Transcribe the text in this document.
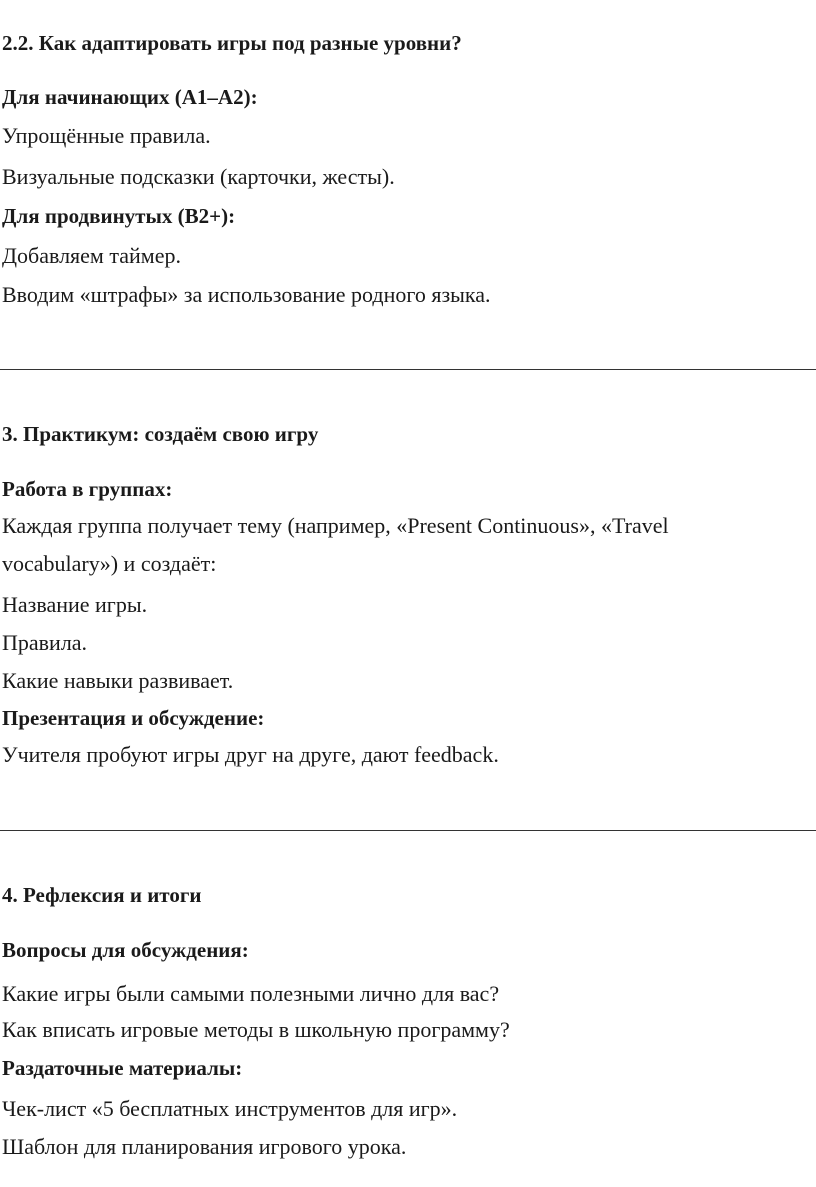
2.2. Как адаптировать игры под разные уровни?
Для начинающих (A1–A2):
Упрощённые правила.
Визуальные подсказки (карточки, жесты).
Для продвинутых (B2+):
Добавляем таймер.
Вводим «штрафы» за использование родного языка.
3. Практикум: создаём свою игру
Работа в группах:
Каждая группа получает тему (например, «Present Continuous», «Travel
vocabulary») и создаёт:
Название игры.
Правила.
Какие навыки развивает.
Презентация и обсуждение:
Учителя пробуют игры друг на друге, дают feedback.
4. Рефлексия и итоги
Вопросы для обсуждения:
Какие игры были самыми полезными лично для вас?
Как вписать игровые методы в школьную программу?
Раздаточные материалы:
Чек-лист «5 бесплатных инструментов для игр».
Шаблон для планирования игрового урока.
